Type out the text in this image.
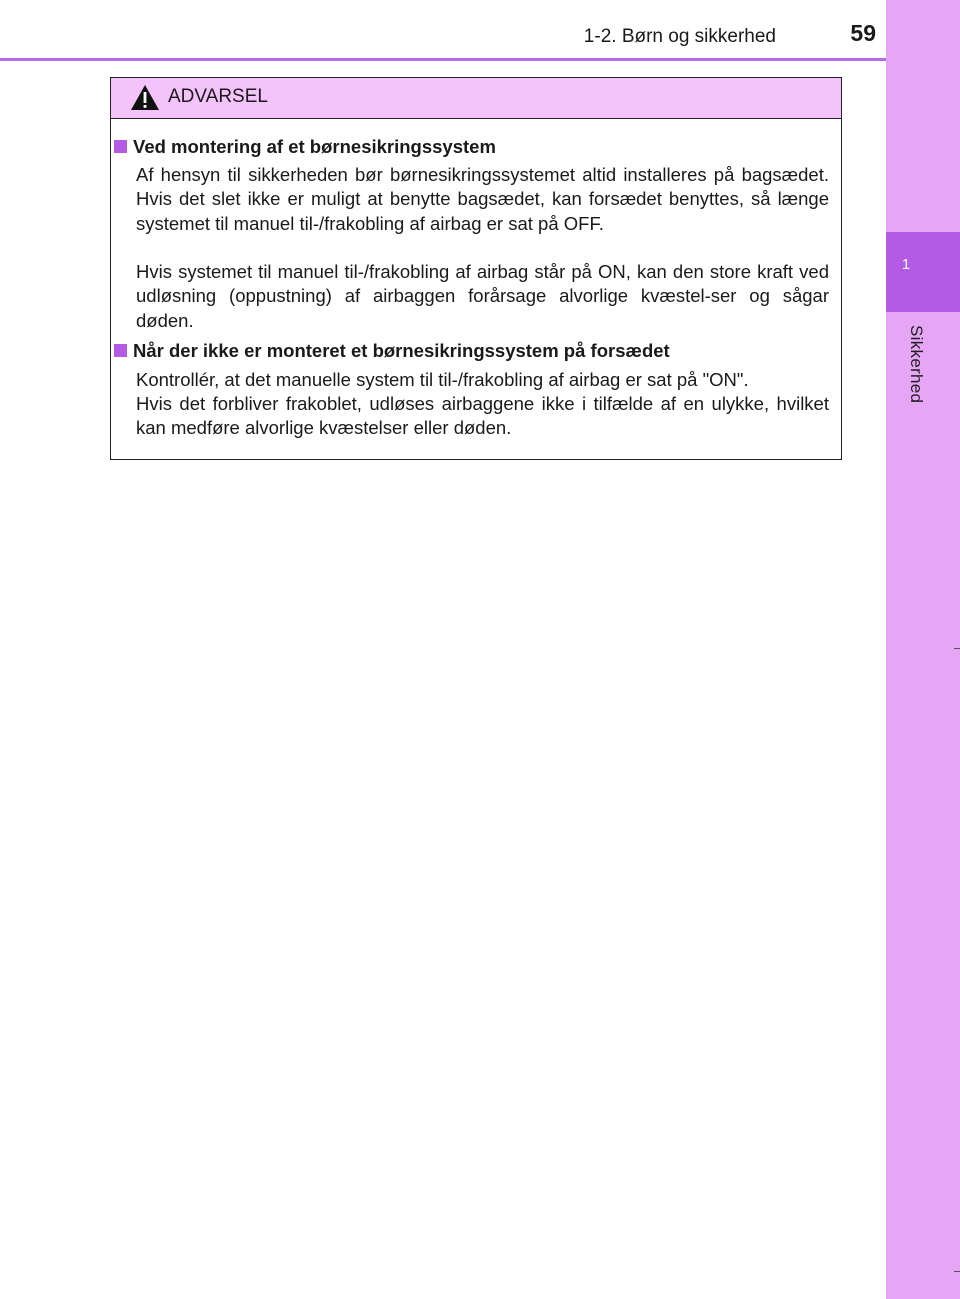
1
Sikkerhed
1-2. Børn og sikkerhed	59
ADVARSEL
Ved montering af et børnesikringssystem
Af hensyn til sikkerheden bør børnesikringssystemet altid installeres på bagsædet. Hvis det slet ikke er muligt at benytte bagsædet, kan forsædet benyttes, så længe systemet til manuel til-/frakobling af airbag er sat på OFF.
Hvis systemet til manuel til-/frakobling af airbag står på ON, kan den store kraft ved udløsning (oppustning) af airbaggen forårsage alvorlige kvæstel-ser og sågar døden.
Når der ikke er monteret et børnesikringssystem på forsædet
Kontrollér, at det manuelle system til til-/frakobling af airbag er sat på "ON".
Hvis det forbliver frakoblet, udløses airbaggene ikke i tilfælde af en ulykke, hvilket kan medføre alvorlige kvæstelser eller døden.
